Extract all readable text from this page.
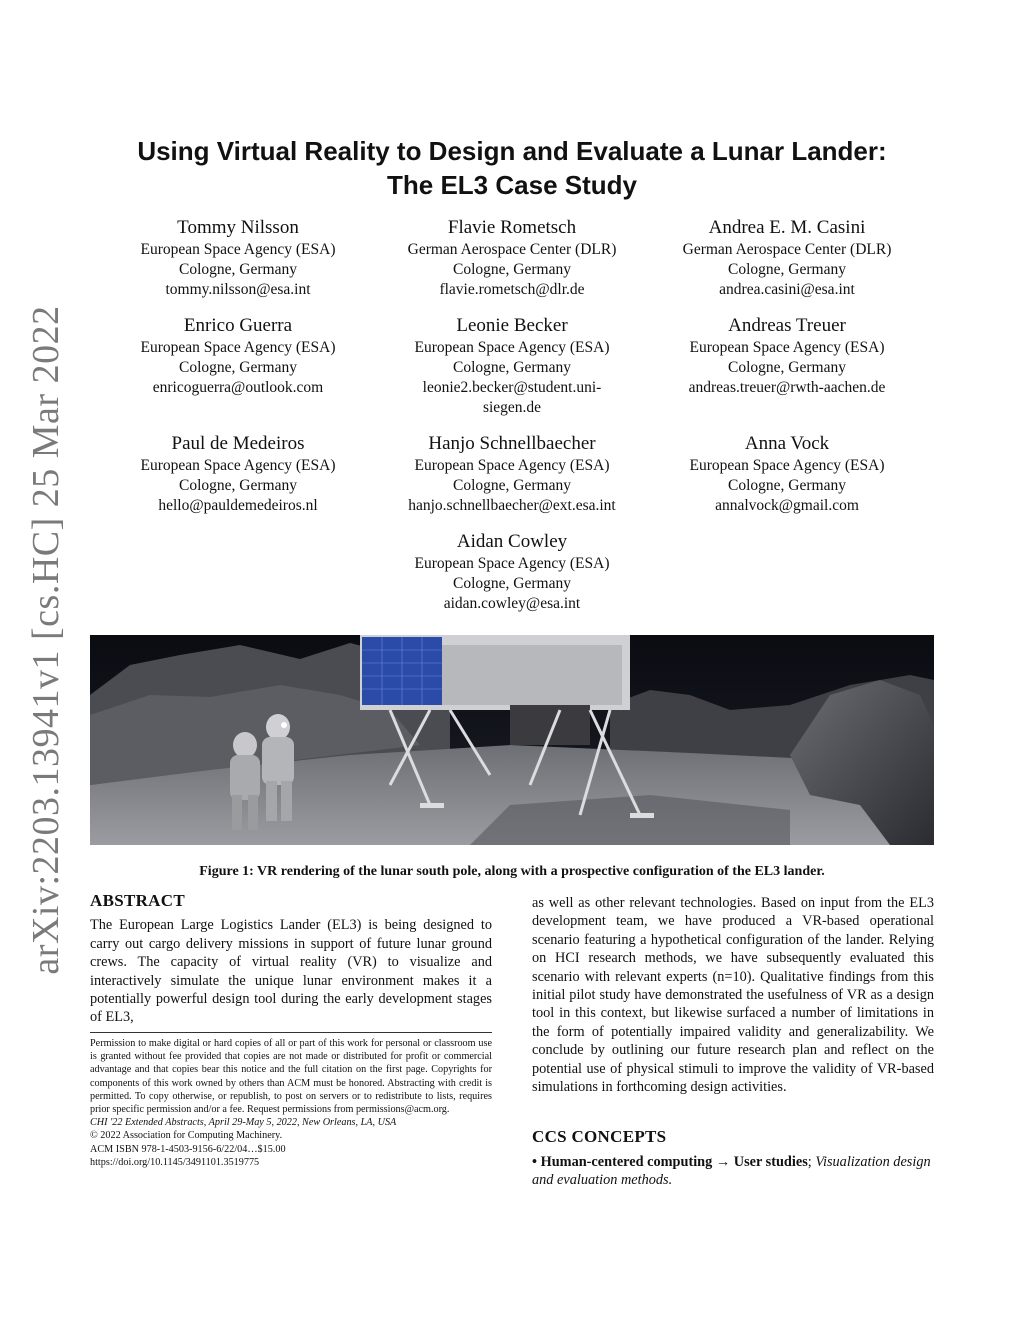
arXiv:2203.13941v1 [cs.HC] 25 Mar 2022
Using Virtual Reality to Design and Evaluate a Lunar Lander:
The EL3 Case Study
Tommy Nilsson
European Space Agency (ESA)
Cologne, Germany
tommy.nilsson@esa.int
Flavie Rometsch
German Aerospace Center (DLR)
Cologne, Germany
flavie.rometsch@dlr.de
Andrea E. M. Casini
German Aerospace Center (DLR)
Cologne, Germany
andrea.casini@esa.int
Enrico Guerra
European Space Agency (ESA)
Cologne, Germany
enricoguerra@outlook.com
Leonie Becker
European Space Agency (ESA)
Cologne, Germany
leonie2.becker@student.uni-
siegen.de
Andreas Treuer
European Space Agency (ESA)
Cologne, Germany
andreas.treuer@rwth-aachen.de
Paul de Medeiros
European Space Agency (ESA)
Cologne, Germany
hello@pauldemedeiros.nl
Hanjo Schnellbaecher
European Space Agency (ESA)
Cologne, Germany
hanjo.schnellbaecher@ext.esa.int
Anna Vock
European Space Agency (ESA)
Cologne, Germany
annalvock@gmail.com
Aidan Cowley
European Space Agency (ESA)
Cologne, Germany
aidan.cowley@esa.int
Figure 1: VR rendering of the lunar south pole, along with a prospective configuration of the EL3 lander.
ABSTRACT

The European Large Logistics Lander (EL3) is being designed to carry out cargo delivery missions in support of future lunar ground crews. The capacity of virtual reality (VR) to visualize and interactively simulate the unique lunar environment makes it a potentially powerful design tool during the early development stages of EL3,

as well as other relevant technologies. Based on input from the EL3 development team, we have produced a VR-based operational scenario featuring a hypothetical configuration of the lander. Relying on HCI research methods, we have subsequently evaluated this scenario with relevant experts (n=10). Qualitative findings from this initial pilot study have demonstrated the usefulness of VR as a design tool in this context, but likewise surfaced a number of limitations in the form of potentially impaired validity and generalizability. We conclude by outlining our future research plan and reflect on the potential use of physical stimuli to improve the validity of VR-based simulations in forthcoming design activities.

Permission to make digital or hard copies of all or part of this work for personal or classroom use is granted without fee provided that copies are not made or distributed for profit or commercial advantage and that copies bear this notice and the full citation on the first page. Copyrights for components of this work owned by others than ACM must be honored. Abstracting with credit is permitted. To copy otherwise, or republish, to post on servers or to redistribute to lists, requires prior specific permission and/or a fee. Request permissions from permissions@acm.org.

CHI '22 Extended Abstracts, April 29-May 5, 2022, New Orleans, LA, USA

© 2022 Association for Computing Machinery.

ACM ISBN 978-1-4503-9156-6/22/04…$15.00

https://doi.org/10.1145/3491101.3519775

CCS CONCEPTS
• Human-centered computing → User studies; Visualization design and evaluation methods.
